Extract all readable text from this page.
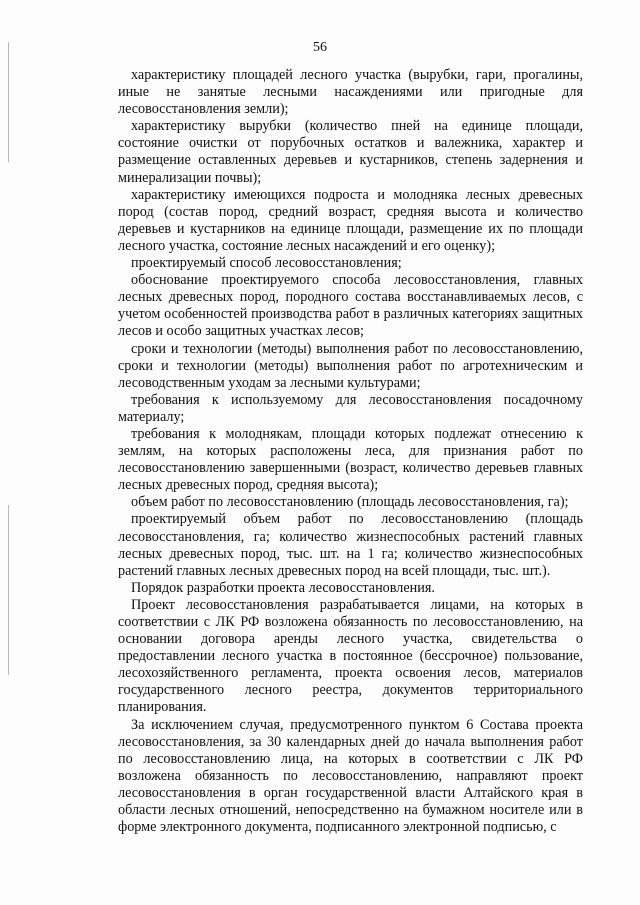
56

характеристику площадей лесного участка (вырубки, гари, прогалины, иные не занятые лесными насаждениями или пригодные для лесовосстановления земли);

характеристику вырубки (количество пней на единице площади, состояние очистки от порубочных остатков и валежника, характер и размещение оставленных деревьев и кустарников, степень задернения и минерализации почвы);

характеристику имеющихся подроста и молодняка лесных древесных пород (состав пород, средний возраст, средняя высота и количество деревьев и кустарников на единице площади, размещение их по площади лесного участка, состояние лесных насаждений и его оценку);

проектируемый способ лесовосстановления;

обоснование проектируемого способа лесовосстановления, главных лесных древесных пород, породного состава восстанавливаемых лесов, с учетом особенностей производства работ в различных категориях защитных лесов и особо защитных участках лесов;

сроки и технологии (методы) выполнения работ по лесовосстановлению, сроки и технологии (методы) выполнения работ по агротехническим и лесоводственным уходам за лесными культурами;

требования к используемому для лесовосстановления посадочному материалу;

требования к молоднякам, площади которых подлежат отнесению к землям, на которых расположены леса, для признания работ по лесовосстановлению завершенными (возраст, количество деревьев главных лесных древесных пород, средняя высота);

объем работ по лесовосстановлению (площадь лесовосстановления, га);

проектируемый объем работ по лесовосстановлению (площадь лесовосстановления, га; количество жизнеспособных растений главных лесных древесных пород, тыс. шт. на 1 га; количество жизнеспособных растений главных лесных древесных пород на всей площади, тыс. шт.).

Порядок разработки проекта лесовосстановления.

Проект лесовосстановления разрабатывается лицами, на которых в соответствии с ЛК РФ возложена обязанность по лесовосстановлению, на основании договора аренды лесного участка, свидетельства о предоставлении лесного участка в постоянное (бессрочное) пользование, лесохозяйственного регламента, проекта освоения лесов, материалов государственного лесного реестра, документов территориального планирования.

За исключением случая, предусмотренного пунктом 6 Состава проекта лесовосстановления, за 30 календарных дней до начала выполнения работ по лесовосстановлению лица, на которых в соответствии с ЛК РФ возложена обязанность по лесовосстановлению, направляют проект лесовосстановления в орган государственной власти Алтайского края в области лесных отношений, непосредственно на бумажном носителе или в форме электронного документа, подписанного электронной подписью, с
